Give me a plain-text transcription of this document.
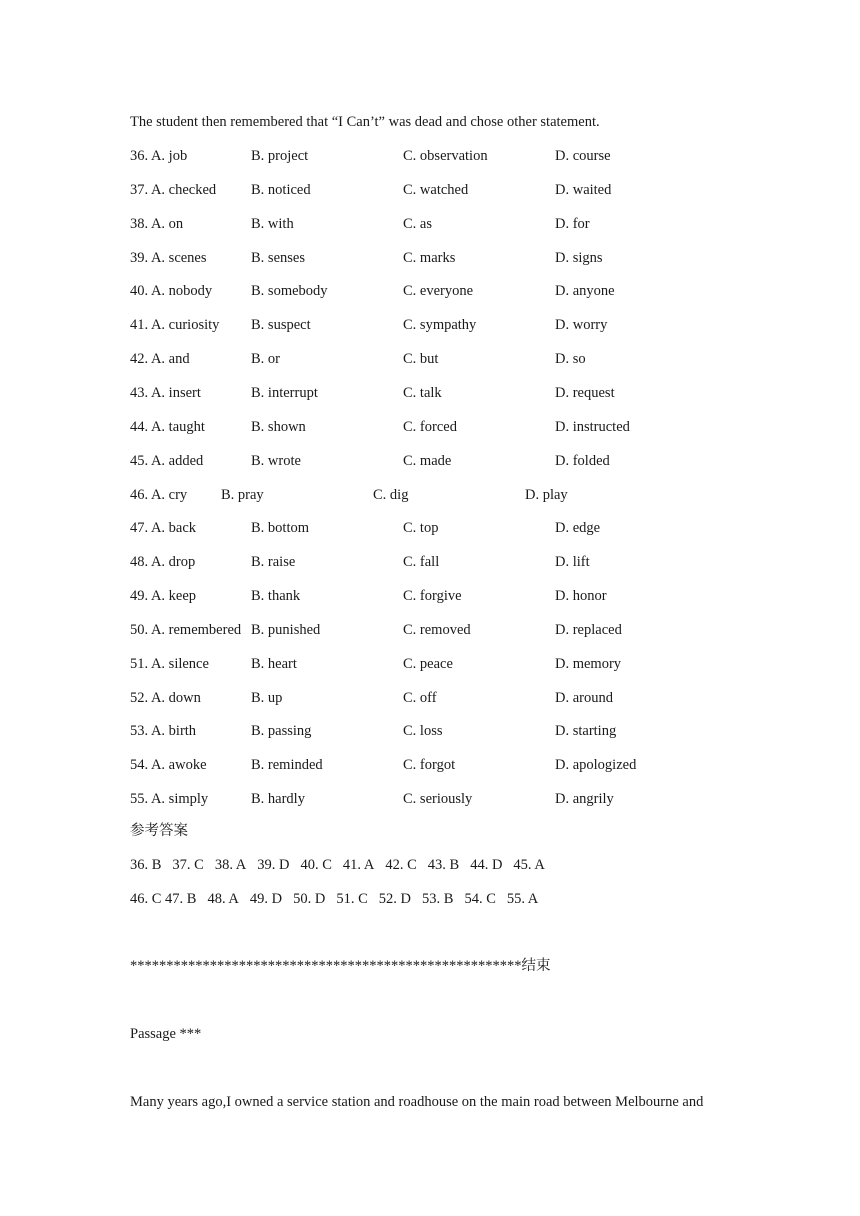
The student then remembered that “I Can’t” was dead and chose other statement.
36. A. job	B. project	C. observation	D. course
37. A. checked B. noticed	C. watched	D. waited
38. A. on	B. with	C. as	D. for
39. A. scenes	B. senses	C. marks	D. signs
40. A. nobody	B. somebody	C. everyone	D. anyone
41. A. curiosity B. suspect	C. sympathy	D. worry
42. A. and	B. or	C. but	D. so
43. A. insert	B. interrupt	C. talk	D. request
44. A. taught	B. shown	C. forced	D. instructed
45. A. added	B. wrote	C. made	D. folded
46. A. cry B. pray	C. dig	D. play
47. A. back	B. bottom	C. top	D. edge
48. A. drop	B. raise	C. fall	D. lift
49. A. keep	B. thank	C. forgive	D. honor
50. A. remembered B. punished	C. removed	D. replaced
51. A. silence	B. heart	C. peace	D. memory
52. A. down	B. up	C. off	D. around
53. A. birth	B. passing	C. loss	D. starting
54. A. awoke	B. reminded	C. forgot	D. apologized
55. A. simply	B. hardly	C. seriously	D. angrily
参考答案
36. B 37. C 38. A 39. D 40. C 41. A 42. C 43. B 44. D 45. A
46. C 47. B 48. A 49. D 50. D 51. C 52. D 53. B 54. C 55. A
******************************************************结束
Passage ***
Many years ago,I owned a service station and roadhouse on the main road between Melbourne and
